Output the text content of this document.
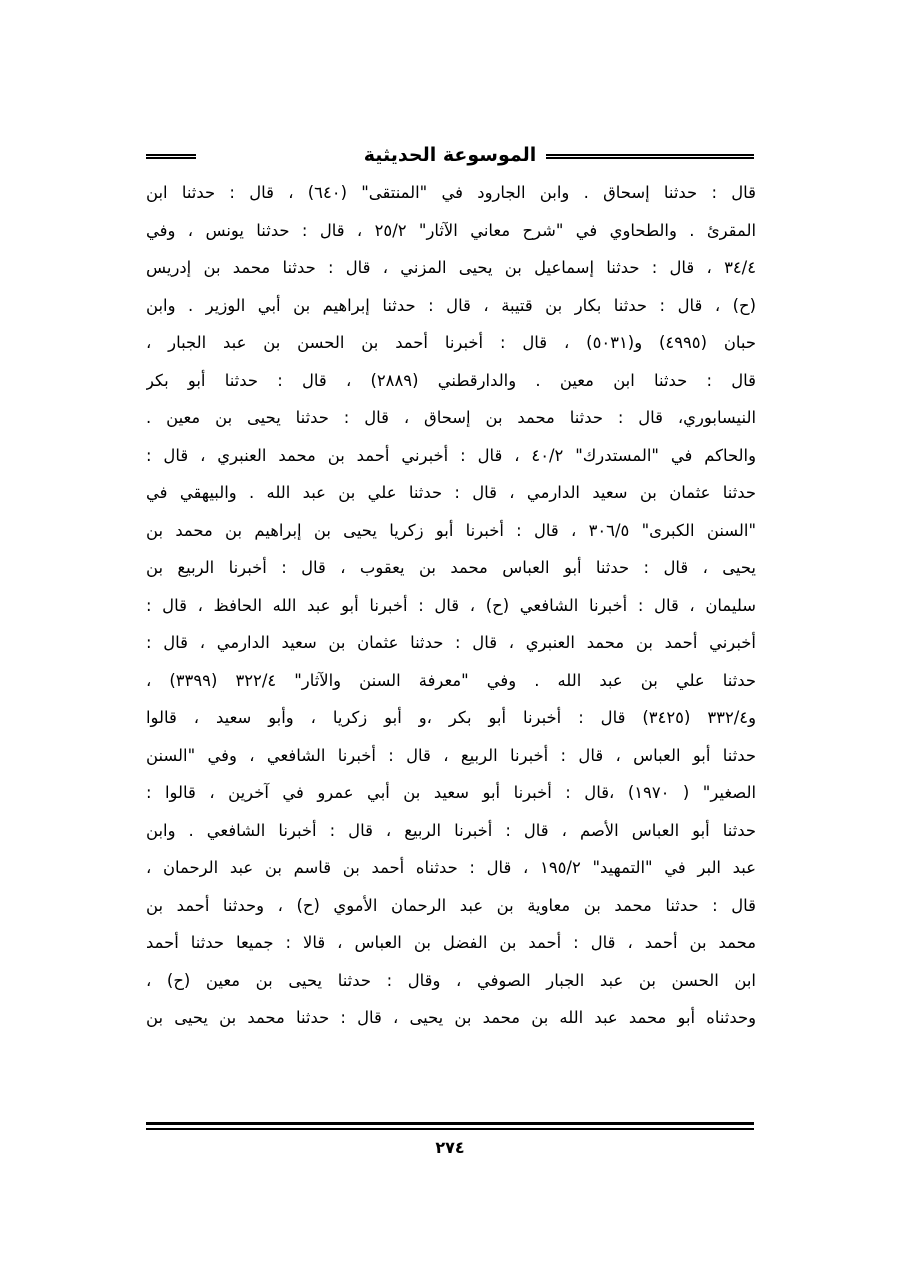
الموسوعة الحديثية
قال : حدثنا إسحاق . وابن الجارود في "المنتقى" (٦٤٠) ، قال : حدثنا ابن
المقرئ . والطحاوي في "شرح معاني الآثار" ٢٥/٢ ، قال : حدثنا يونس ، وفي
٣٤/٤ ، قال : حدثنا إسماعيل بن يحيى المزني ، قال : حدثنا محمد بن إدريس
(ح) ، قال : حدثنا بكار بن قتيبة ، قال : حدثنا إبراهيم بن أبي الوزير . وابن
حبان (٤٩٩٥) و(٥٠٣١) ، قال : أخبرنا أحمد بن الحسن بن عبد الجبار ،
قال : حدثنا ابن معين . والدارقطني (٢٨٨٩) ، قال : حدثنا أبو بكر
النيسابوري، قال : حدثنا محمد بن إسحاق ، قال : حدثنا يحيى بن معين .
والحاكم في "المستدرك" ٤٠/٢ ، قال : أخبرني أحمد بن محمد العنبري ، قال :
حدثنا عثمان بن سعيد الدارمي ، قال : حدثنا علي بن عبد الله . والبيهقي في
"السنن الكبرى" ٣٠٦/٥ ، قال : أخبرنا أبو زكريا يحيى بن إبراهيم بن محمد بن
يحيى ، قال : حدثنا أبو العباس محمد بن يعقوب ، قال : أخبرنا الربيع بن
سليمان ، قال : أخبرنا الشافعي (ح) ، قال : أخبرنا أبو عبد الله الحافظ ، قال :
أخبرني أحمد بن محمد العنبري ، قال : حدثنا عثمان بن سعيد الدارمي ، قال :
حدثنا علي بن عبد الله . وفي "معرفة السنن والآثار" ٣٢٢/٤ (٣٣٩٩) ،
و٣٣٢/٤ (٣٤٢٥) قال : أخبرنا أبو بكر ،و أبو زكريا ، وأبو سعيد ، قالوا
حدثنا أبو العباس ، قال : أخبرنا الربيع ، قال : أخبرنا الشافعي ، وفي "السنن
الصغير" ( ١٩٧٠) ،قال : أخبرنا أبو سعيد بن أبي عمرو في آخرين ، قالوا :
حدثنا أبو العباس الأصم ، قال : أخبرنا الربيع ، قال : أخبرنا الشافعي . وابن
عبد البر في "التمهيد" ١٩٥/٢ ، قال : حدثناه أحمد بن قاسم بن عبد الرحمان ،
قال : حدثنا محمد بن معاوية بن عبد الرحمان الأموي (ح) ، وحدثنا أحمد بن
محمد بن أحمد ، قال : أحمد بن الفضل بن العباس ، قالا : جميعا حدثنا أحمد
ابن الحسن بن عبد الجبار الصوفي ، وقال : حدثنا يحيى بن معين (ح) ،
وحدثناه أبو محمد عبد الله بن محمد بن يحيى ، قال : حدثنا محمد بن يحيى بن
٢٧٤
